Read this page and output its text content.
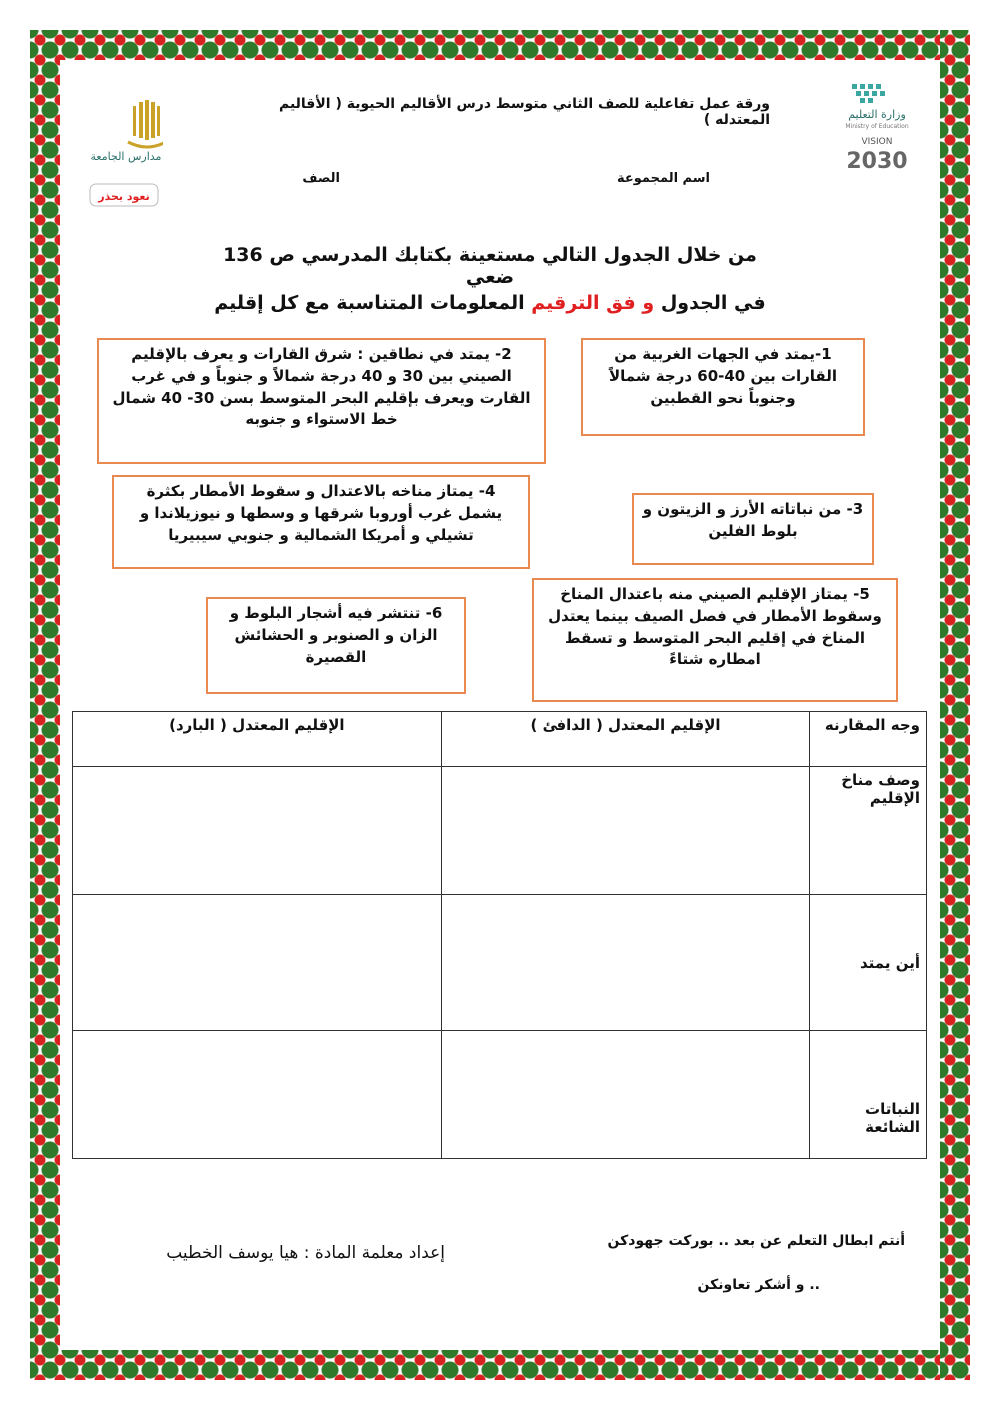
مدارس الجامعة
نعود بحذر
وزارة التعليم
Ministry of Education
VISION
2030
ورقة عمل تفاعلية للصف الثاني متوسط درس الأقاليم الحيوية ( الأقاليم المعتدله )
اسم المجموعة
الصف
من خلال الجدول التالي مستعينة بكتابك المدرسي ص 136 ضعي
في الجدول و فق الترقيم المعلومات المتناسبة مع كل إقليم
1-يمتد في الجهات الغربية من القارات بين 40-60 درجة شمالاً وجنوباً نحو القطبين
2- يمتد في نطاقين : شرق القارات و يعرف بالإقليم الصيني بين 30 و 40 درجة شمالاً و جنوباً و في غرب القارت ويعرف بإقليم البحر المتوسط بسن 30- 40 شمال خط الاستواء و جنوبه
3- من نباتاته الأرز و الزيتون و بلوط الفلين
4- يمتاز مناخه بالاعتدال و سقوط الأمطار بكثرة يشمل غرب أوروبا شرقها و وسطها و نيوزيلاندا و تشيلي و أمريكا الشمالية و جنوبي سيبيريا
5- يمتاز الإقليم الصيني منه باعتدال المناخ وسقوط الأمطار في فصل الصيف بينما يعتدل المناخ في إقليم البحر المتوسط و تسقط امطاره شتاءً
6- تنتشر فيه أشجار البلوط و الزان و الصنوبر و الحشائش القصيرة
وجه المقارنه	الإقليم المعتدل ( الدافئ )	الإقليم المعتدل ( البارد)
وصف مناخ الإقليم		
أين يمتد		
النباتات الشائعة		
أنتم ابطال التعلم عن بعد .. بوركت جهودكن
.. و أشكر تعاونكن
إعداد معلمة المادة : هيا يوسف الخطيب
